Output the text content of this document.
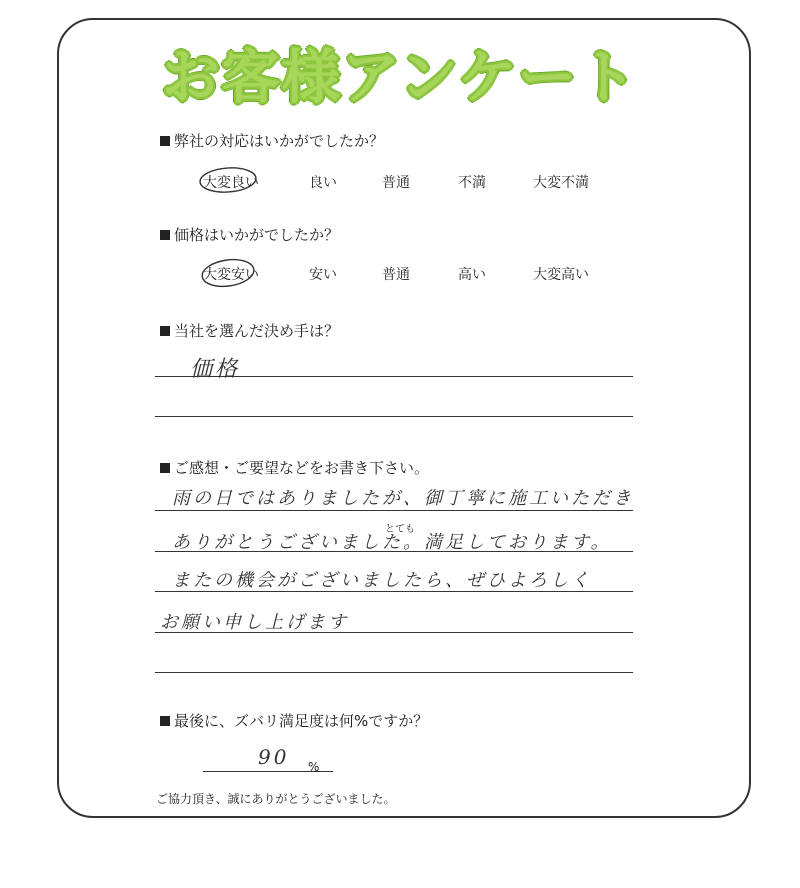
お客様アンケート
弊社の対応はいかがでしたか？
大変良い	良い	普通	不満	大変不満
価格はいかがでしたか？
大変安い	安い	普通	高い	大変高い
当社を選んだ決め手は？
価格
ご感想・ご要望などをお書き下さい。
雨の日ではありましたが、御丁寧に施工いただき
とても
ありがとうございました。満足しております。
またの機会がございましたら、ぜひよろしく
お願い申し上げます
最後に、ズバリ満足度は何%ですか？
90 %
ご協力頂き、誠にありがとうございました。
